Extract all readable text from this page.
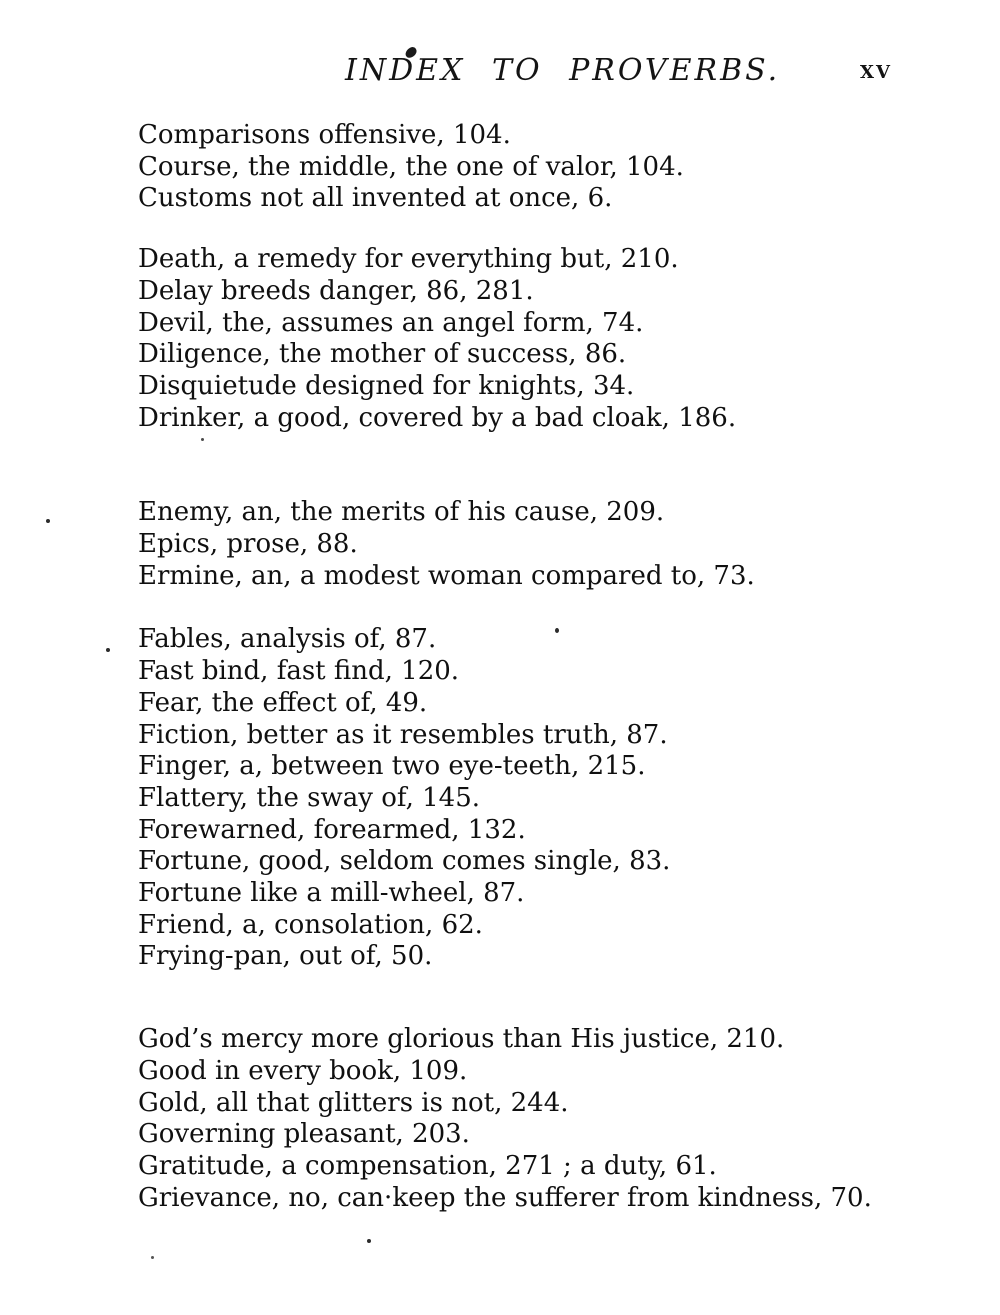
INDEX TO PROVERBS.	xv
Comparisons offensive, 104.
Course, the middle, the one of valor, 104.
Customs not all invented at once, 6.
Death, a remedy for everything but, 210.
Delay breeds danger, 86, 281.
Devil, the, assumes an angel form, 74.
Diligence, the mother of success, 86.
Disquietude designed for knights, 34.
Drinker, a good, covered by a bad cloak, 186.
Enemy, an, the merits of his cause, 209.
Epics, prose, 88.
Ermine, an, a modest woman compared to, 73.
Fables, analysis of, 87.
Fast bind, fast find, 120.
Fear, the effect of, 49.
Fiction, better as it resembles truth, 87.
Finger, a, between two eye-teeth, 215.
Flattery, the sway of, 145.
Forewarned, forearmed, 132.
Fortune, good, seldom comes single, 83.
Fortune like a mill-wheel, 87.
Friend, a, consolation, 62.
Frying-pan, out of, 50.
God’s mercy more glorious than His justice, 210.
Good in every book, 109.
Gold, all that glitters is not, 244.
Governing pleasant, 203.
Gratitude, a compensation, 271 ; a duty, 61.
Grievance, no, can·keep the sufferer from kindness, 70.
